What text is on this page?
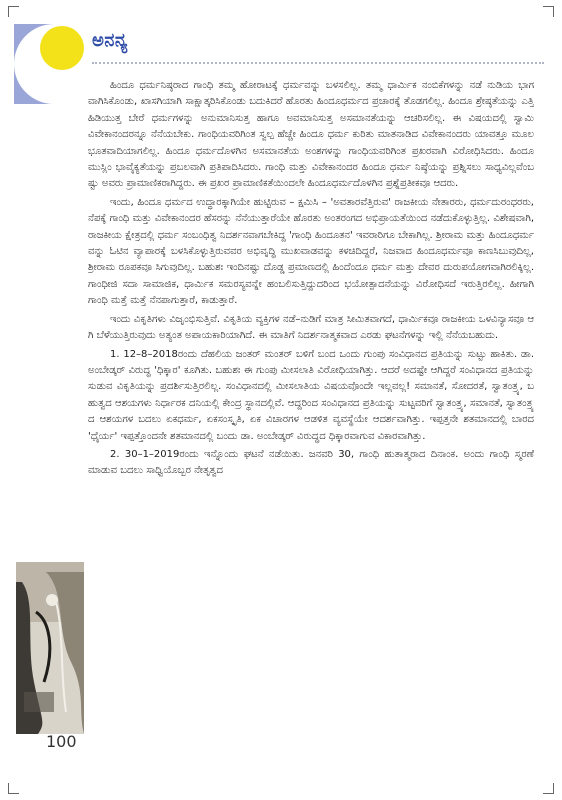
ಅನನ್ಯ

ಹಿಂದೂ ಧರ್ಮನಿಷ್ಠರಾದ ಗಾಂಧಿ ತಮ್ಮ ಹೋರಾಟಕ್ಕೆ ಧರ್ಮವನ್ನು ಬಳಸಲಿಲ್ಲ. ತಮ್ಮ ಧಾರ್ಮಿಕ ನಂಬಿಕೆಗಳನ್ನು ನಡೆ ನುಡಿಯ ಭಾಗವಾಗಿಸಿಕೊಂಡು, ಖಾಸಗಿಯಾಗಿ ಸಾಕ್ಷಾತ್ಕರಿಸಿಕೊಂಡು ಬದುಕಿದರೆ ಹೊರತು ಹಿಂದೂಧರ್ಮದ ಪ್ರಚಾರಕ್ಕೆ ತೊಡಗಲಿಲ್ಲ. ಹಿಂದೂ ಶ್ರೇಷ್ಠತೆಯನ್ನು ಎತ್ತಿ ಹಿಡಿಯುತ್ತ ಬೇರೆ ಧರ್ಮಗಳನ್ನು ಅನುಮಾನಿಸುತ್ತ ಹಾಗೂ ಅವಮಾನಿಸುತ್ತ ಅಸಮಾನತೆಯನ್ನು ಆಚರಿಸಲಿಲ್ಲ. ಈ ವಿಷಯದಲ್ಲಿ ಸ್ವಾಮಿ ವಿವೇಕಾನಂದರನ್ನೂ ನೆನೆಯಬೇಕು. ಗಾಂಧಿಯವರಿಗಿಂತ ಸ್ವಲ್ಪ ಹೆಚ್ಚೇ ಹಿಂದೂ ಧರ್ಮ ಕುರಿತು ಮಾತನಾಡಿದ ವಿವೇಕಾನಂದರು ಯಾವತ್ತೂ ಮೂಲಭೂತವಾದಿಯಾಗಲಿಲ್ಲ. ಹಿಂದೂ ಧರ್ಮದೊಳಗಿನ ಅಸಮಾನತೆಯ ಅಂಶಗಳನ್ನು ಗಾಂಧಿಯವರಿಗಿಂತ ಪ್ರಖರವಾಗಿ ವಿರೋಧಿಸಿದರು. ಹಿಂದೂ ಮುಸ್ಲಿಂ ಭಾವೈಕ್ಯತೆಯನ್ನು ಪ್ರಬಲವಾಗಿ ಪ್ರತಿಪಾದಿಸಿದರು. ಗಾಂಧಿ ಮತ್ತು ವಿವೇಕಾನಂದರ ಹಿಂದೂ ಧರ್ಮ ನಿಷ್ಠೆಯನ್ನು ಪ್ರಶ್ನಿಸಲು ಸಾಧ್ಯವಿಲ್ಲವೆಂಬಷ್ಟು ಅವರು ಪ್ರಾಮಾಣಿಕರಾಗಿದ್ದರು. ಈ ಪ್ರಖರ ಪ್ರಾಮಾಣಿಕತೆಯಿಂದಲೇ ಹಿಂದೂಧರ್ಮದೊಳಗಿನ ಪ್ರಶ್ನೆಪ್ರತೀಕವೂ ಆದರು.

ಇಂದು, ಹಿಂದೂ ಧರ್ಮದ ಉದ್ಧಾರಕ್ಕಾಗಿಯೇ ಹುಟ್ಟಿರುವ – ಕ್ಷಮಿಸಿ – 'ಅವತಾರವೆತ್ತಿರುವ' ರಾಜಕೀಯ ನೇತಾರರು, ಧರ್ಮದುರಂಧರರು, ನೆಪಕ್ಕೆ ಗಾಂಧಿ ಮತ್ತು ವಿವೇಕಾನಂದರ ಹೆಸರನ್ನು ನೆನೆಯುತ್ತಾರೆಯೇ ಹೊರತು ಅಂತರಂಗದ ಅಭಿಪ್ರಾಯತೆಯಿಂದ ನಡೆದುಕೊಳ್ಳುತ್ತಿಲ್ಲ. ವಿಶೇಷವಾಗಿ, ರಾಜಕೀಯ ಕ್ಷೇತ್ರದಲ್ಲಿ ಧರ್ಮ ಸಂಬಂಧಿತ್ವ ನಿದರ್ಶನವಾಗಬೇಕಿದ್ದ 'ಗಾಂಧಿ ಹಿಂದೂತನ' ಇವರಾರಿಗೂ ಬೇಕಾಗಿಲ್ಲ. ಶ್ರೀರಾಮ ಮತ್ತು ಹಿಂದೂಧರ್ಮವನ್ನು ಓಟಿನ ವ್ಯಾಪಾರಕ್ಕೆ ಬಳಸಿಕೊಳ್ಳುತ್ತಿರುವವರ ಅಭಿವೃದ್ಧಿ ಮುಖವಾಡವನ್ನು ಕಳಚಿದಿದ್ದರೆ, ನಿಜವಾದ ಹಿಂದೂಧರ್ಮವೂ ಕಾಣಸಿಬುವುದಿಲ್ಲ, ಶ್ರೀರಾಮ ರೂಪಕವೂ ಸಿಗುವುದಿಲ್ಲ. ಬಹುಶಃ ಇಂದಿನಷ್ಟು ದೊಡ್ಡ ಪ್ರಮಾಣದಲ್ಲಿ ಹಿಂದೆಂದೂ ಧರ್ಮ ಮತ್ತು ದೇವರ ದುರುಪಯೋಗವಾಗಿರಲಿಕ್ಕಿಲ್ಲ. ಗಾಂಧೀಜಿ ಸದಾ ಸಾಮಾಜಿಕ, ಧಾರ್ಮಿಕ ಸಮರಸ್ಯವನ್ನೇ ಹಂಬಲಿಸುತ್ತಿದ್ದುದರಿಂದ ಭಯೋತ್ಪಾದನೆಯನ್ನು ವಿರೋಧಿಸದೆ ಇರುತ್ತಿರಲಿಲ್ಲ. ಹೀಗಾಗಿ ಗಾಂಧಿ ಮತ್ತೆ ಮತ್ತೆ ನೆನಪಾಗುತ್ತಾರೆ, ಕಾಡುತ್ತಾರೆ.

ಇಂದು ವಿಕೃತಿಗಳು ವಿಜೃಂಭಿಸುತ್ತಿವೆ. ವಿಕೃತಿಯ ವ್ಯಕ್ತಿಗಳ ನಡೆ–ನುಡಿಗೆ ಮಾತ್ರ ಸೀಮಿತವಾಗದೆ, ಧಾರ್ಮಿಕವೂ ರಾಜಕೀಯ ಒಳವಿನ್ಯಾಸವೂ ಆಗಿ ಬೆಳೆಯುತ್ತಿರುವುದು ಅತ್ಯಂತ ಅಪಾಯಕಾರಿಯಾಗಿದೆ. ಈ ಮಾತಿಗೆ ನಿದರ್ಶನಾತ್ಮಕವಾದ ಎರಡು ಘಟನೆಗಳನ್ನು ಇಲ್ಲಿ ನೆನೆಯಬಹುದು.

1. 12–8–2018ರಂದು ದೆಹಲಿಯ ಜಂತರ್ ಮಂತರ್ ಬಳಿಗೆ ಬಂದ ಒಂದು ಗುಂಪು ಸಂವಿಧಾನದ ಪ್ರತಿಯನ್ನು ಸುಟ್ಟು ಹಾಕಿತು. ಡಾ. ಅಂಬೇಡ್ಕರ್ ವಿರುದ್ಧ 'ಧಿಕ್ಕಾರ' ಕೂಗಿತು. ಬಹುಶಃ ಈ ಗುಂಪು ಮೀಸಲಾತಿ ವಿರೋಧಿಯಾಗಿತ್ತು. ಆದರೆ ಅದಷ್ಟೇ ಆಗಿದ್ದರೆ ಸಂವಿಧಾನದ ಪ್ರತಿಯನ್ನು ಸುಡುವ ವಿಕೃತಿಯನ್ನು ಪ್ರದರ್ಶಿಸುತ್ತಿರಲಿಲ್ಲ. ಸಂವಿಧಾನದಲ್ಲಿ ಮೀಸಲಾತಿಯ ವಿಷಯವೊಂದೇ ಇಲ್ಲವಲ್ಲ! ಸಮಾನತೆ, ಸೋದರತೆ, ಸ್ವಾತಂತ್ರ್ಯ, ಬಹುತ್ವದ ಆಶಯಗಳು ನಿರ್ಧಾರಕ ದನಿಯಲ್ಲಿ ಕೇಂದ್ರ ಸ್ಥಾನದಲ್ಲಿವೆ. ಆದ್ದರಿಂದ ಸಂವಿಧಾನದ ಪ್ರತಿಯನ್ನು ಸುಟ್ಟವರಿಗೆ ಸ್ವಾತಂತ್ರ್ಯ, ಸಮಾನತೆ, ಸ್ವಾತಂತ್ರ್ಯದ ಆಶಯಗಳ ಬದಲು ಏಕಧರ್ಮ, ಏಕಸಂಸ್ಕೃತಿ, ಏಕ ವಿಚಾರಗಳ ಆಡಳಿತ ವ್ಯವಸ್ಥೆಯೇ ಆದರ್ಶವಾಗಿತ್ತು. ಇಪ್ಪತ್ತನೇ ಶತಮಾನದಲ್ಲಿ ಬಾರದ 'ಧೈರ್ಯ' ಇಪ್ಪತ್ತೊಂದನೇ ಶತಮಾನದಲ್ಲಿ ಬಂದು ಡಾ. ಅಂಬೇಡ್ಕರ್ ವಿರುದ್ಧದ ಧಿಕ್ಕಾರವಾಗುವ ವಿಕಾರವಾಗಿತ್ತು.

2. 30–1–2019ರಂದು ಇನ್ನೊಂದು ಘಟನೆ ನಡೆಯಿತು. ಜನವರಿ 30, ಗಾಂಧಿ ಹುತಾತ್ಮರಾದ ದಿನಾಂಕ. ಅಂದು ಗಾಂಧಿ ಸ್ಮರಣೆ ಮಾಡುವ ಬದಲು ಸಾಧ್ವಿಯೊಬ್ಬರ ನೇತೃತ್ವದ

100
